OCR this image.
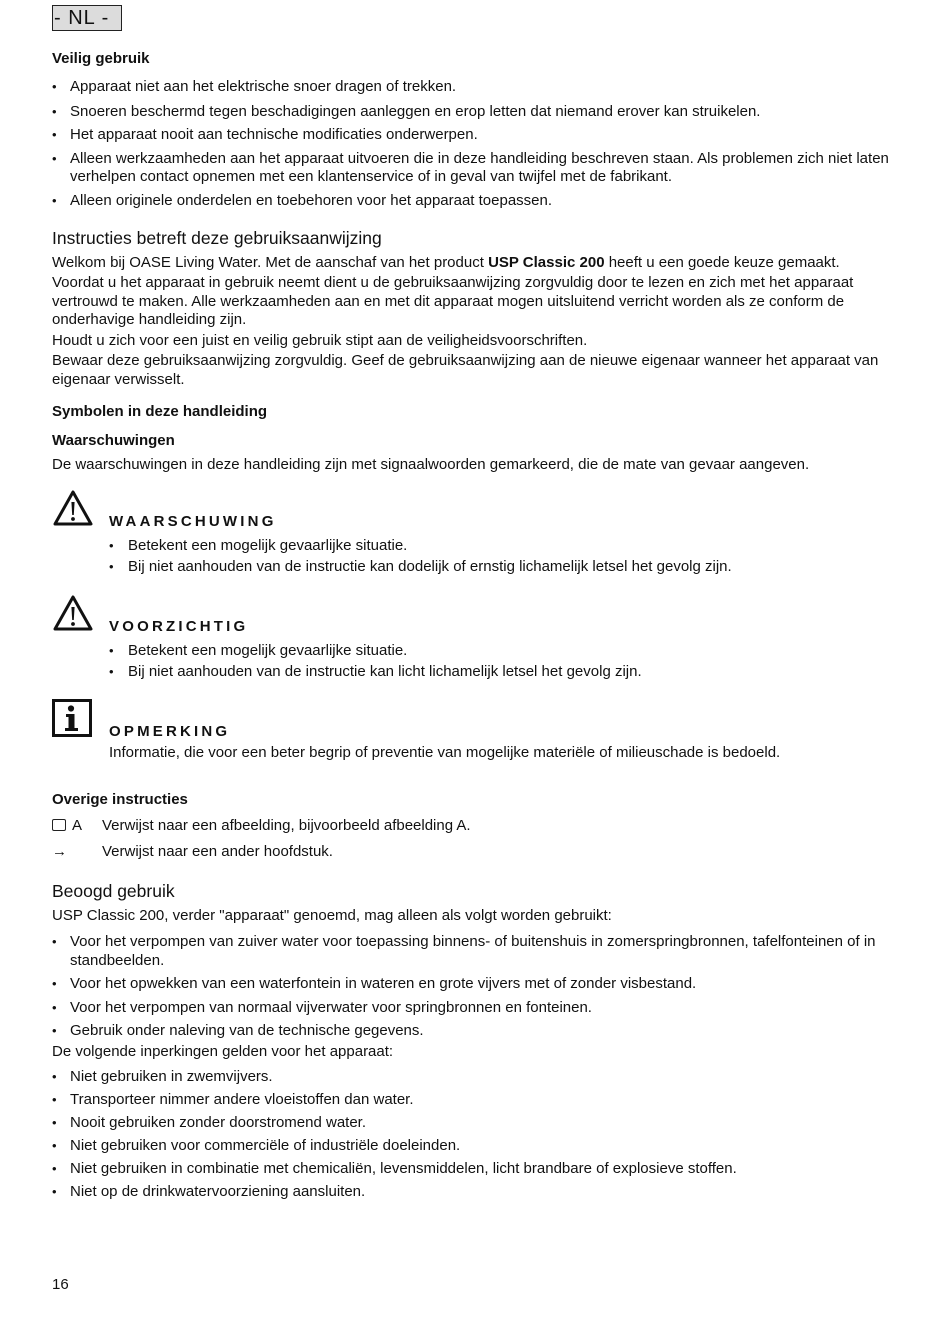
- NL -
Veilig gebruik
• Apparaat niet aan het elektrische snoer dragen of trekken.
• Snoeren beschermd tegen beschadigingen aanleggen en erop letten dat niemand erover kan struikelen.
• Het apparaat nooit aan technische modificaties onderwerpen.
• Alleen werkzaamheden aan het apparaat uitvoeren die in deze handleiding beschreven staan. Als problemen zich niet laten verhelpen contact opnemen met een klantenservice of in geval van twijfel met de fabrikant.
• Alleen originele onderdelen en toebehoren voor het apparaat toepassen.
Instructies betreft deze gebruiksaanwijzing
Welkom bij OASE Living Water. Met de aanschaf van het product USP Classic 200 heeft u een goede keuze gemaakt.
Voordat u het apparaat in gebruik neemt dient u de gebruiksaanwijzing zorgvuldig door te lezen en zich met het apparaat vertrouwd te maken. Alle werkzaamheden aan en met dit apparaat mogen uitsluitend verricht worden als ze conform de onderhavige handleiding zijn.
Houdt u zich voor een juist en veilig gebruik stipt aan de veiligheidsvoorschriften.
Bewaar deze gebruiksaanwijzing zorgvuldig. Geef de gebruiksaanwijzing aan de nieuwe eigenaar wanneer het apparaat van eigenaar verwisselt.
Symbolen in deze handleiding
Waarschuwingen
De waarschuwingen in deze handleiding zijn met signaalwoorden gemarkeerd, die de mate van gevaar aangeven.
WAARSCHUWING
• Betekent een mogelijk gevaarlijke situatie.
• Bij niet aanhouden van de instructie kan dodelijk of ernstig lichamelijk letsel het gevolg zijn.
VOORZICHTIG
• Betekent een mogelijk gevaarlijke situatie.
• Bij niet aanhouden van de instructie kan licht lichamelijk letsel het gevolg zijn.
OPMERKING
Informatie, die voor een beter begrip of preventie van mogelijke materiële of milieuschade is bedoeld.
Overige instructies
A	Verwijst naar een afbeelding, bijvoorbeeld afbeelding A.
→	Verwijst naar een ander hoofdstuk.
Beoogd gebruik
USP Classic 200, verder "apparaat" genoemd, mag alleen als volgt worden gebruikt:
• Voor het verpompen van zuiver water voor toepassing binnens- of buitenshuis in zomerspringbronnen, tafelfonteinen of in standbeelden.
• Voor het opwekken van een waterfontein in wateren en grote vijvers met of zonder visbestand.
• Voor het verpompen van normaal vijverwater voor springbronnen en fonteinen.
• Gebruik onder naleving van de technische gegevens.
De volgende inperkingen gelden voor het apparaat:
• Niet gebruiken in zwemvijvers.
• Transporteer nimmer andere vloeistoffen dan water.
• Nooit gebruiken zonder doorstromend water.
• Niet gebruiken voor commerciële of industriële doeleinden.
• Niet gebruiken in combinatie met chemicaliën, levensmiddelen, licht brandbare of explosieve stoffen.
• Niet op de drinkwatervoorziening aansluiten.
16
